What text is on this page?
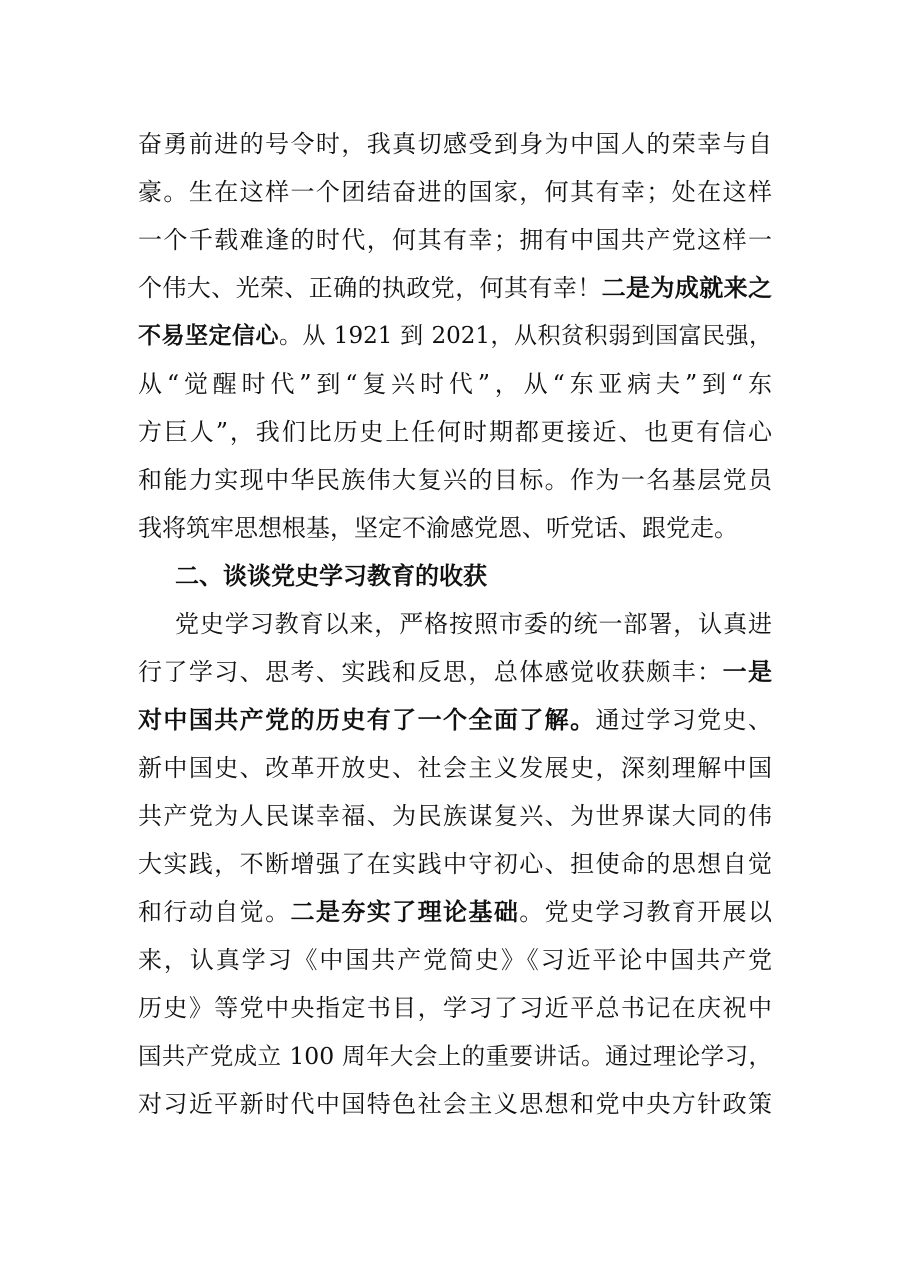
奋勇前进的号令时，我真切感受到身为中国人的荣幸与自
豪。生在这样一个团结奋进的国家，何其有幸；处在这样
一个千载难逢的时代，何其有幸；拥有中国共产党这样一
个伟大、光荣、正确的执政党，何其有幸！二是为成就来之
不易坚定信心。从 1921 到 2021，从积贫积弱到国富民强，
从“觉醒时代”到“复兴时代”，从“东亚病夫”到“东
方巨人”，我们比历史上任何时期都更接近、也更有信心
和能力实现中华民族伟大复兴的目标。作为一名基层党员
我将筑牢思想根基，坚定不渝感党恩、听党话、跟党走。
二、谈谈党史学习教育的收获
党史学习教育以来，严格按照市委的统一部署，认真进
行了学习、思考、实践和反思，总体感觉收获颇丰：一是
对中国共产党的历史有了一个全面了解。通过学习党史、
新中国史、改革开放史、社会主义发展史，深刻理解中国
共产党为人民谋幸福、为民族谋复兴、为世界谋大同的伟
大实践，不断增强了在实践中守初心、担使命的思想自觉
和行动自觉。二是夯实了理论基础。党史学习教育开展以
来，认真学习《中国共产党简史》《习近平论中国共产党
历史》等党中央指定书目，学习了习近平总书记在庆祝中
国共产党成立 100 周年大会上的重要讲话。通过理论学习，
对习近平新时代中国特色社会主义思想和党中央方针政策
